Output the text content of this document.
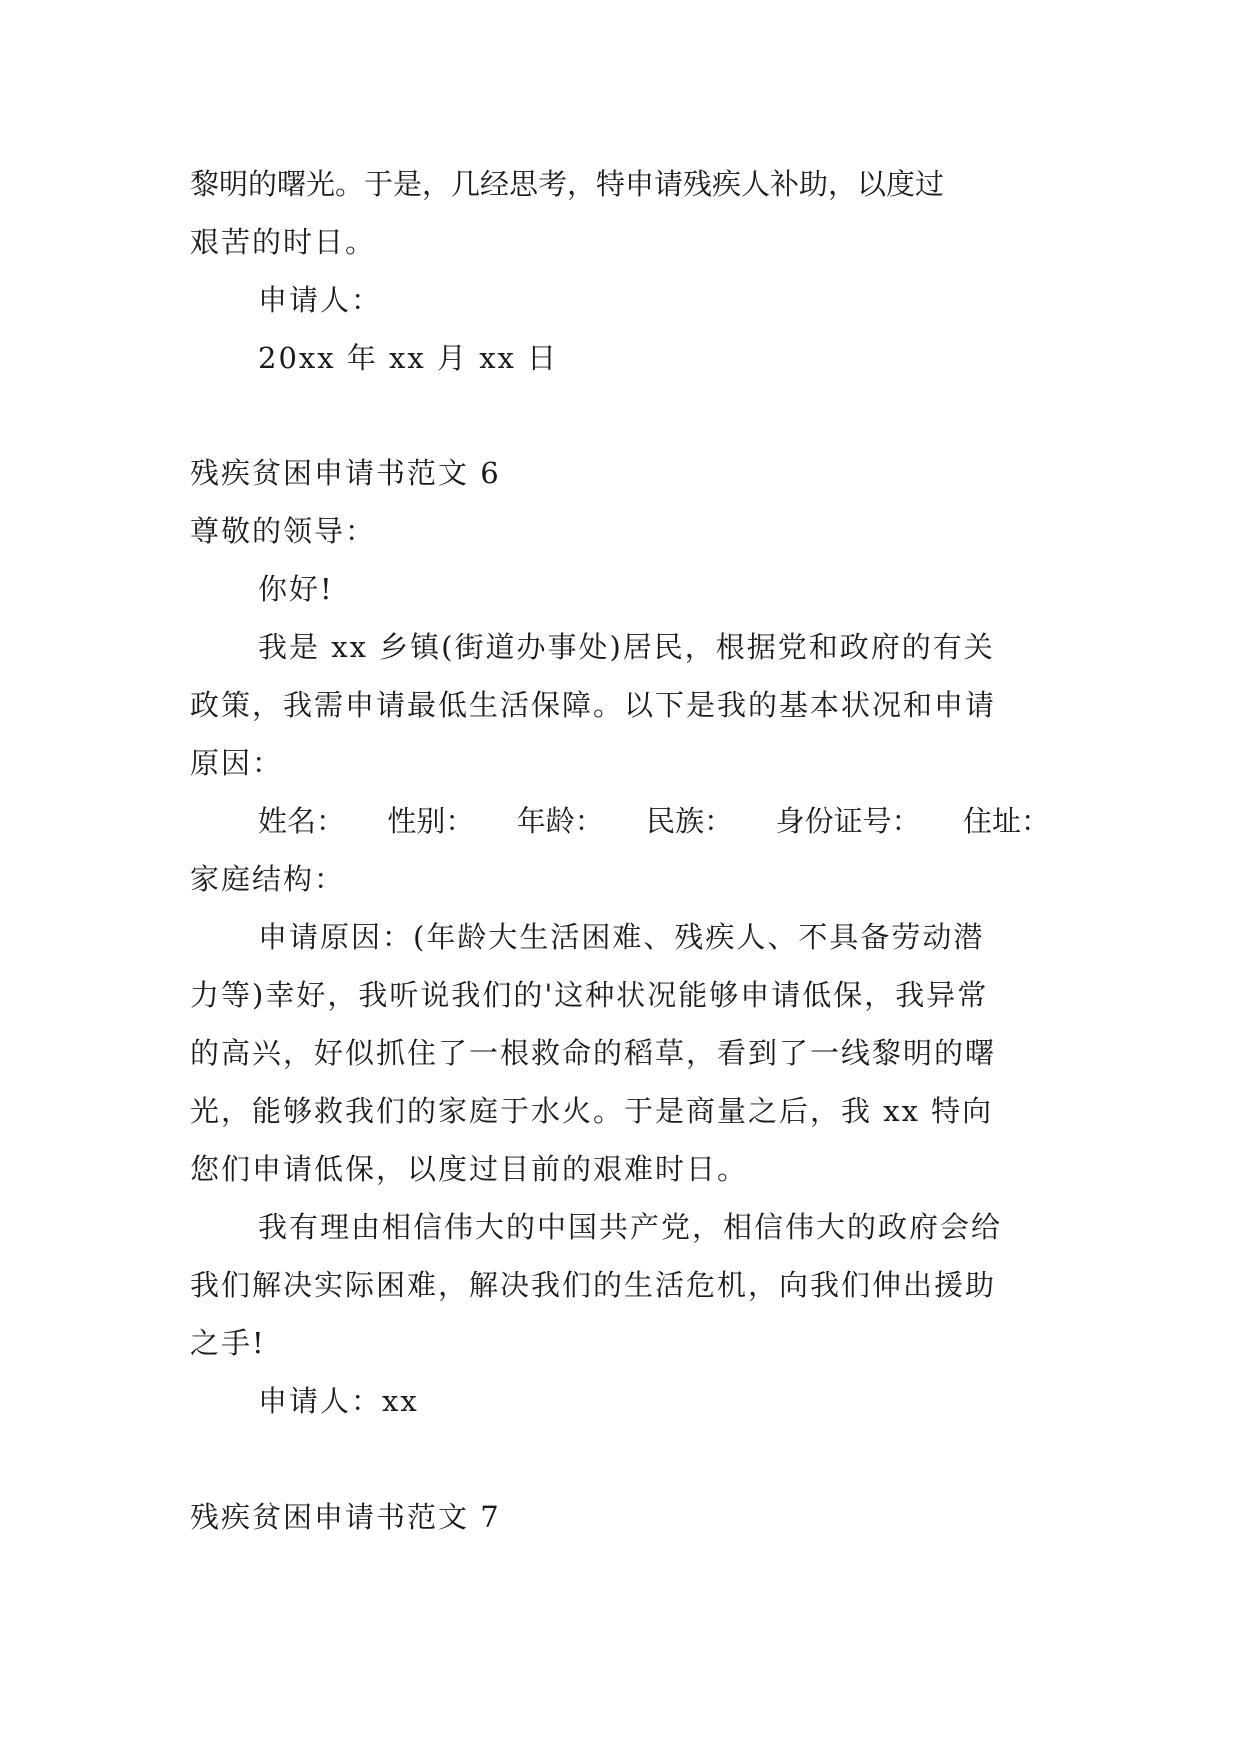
黎明的曙光。于是，几经思考，特申请残疾人补助，以度过
艰苦的时日。
申请人：
20xx 年 xx 月 xx 日
残疾贫困申请书范文 6
尊敬的领导：
你好!
我是 xx 乡镇(街道办事处)居民，根据党和政府的有关
政策，我需申请最低生活保障。以下是我的基本状况和申请
原因：
姓名： 性别： 年龄： 民族： 身份证号： 住址：
家庭结构：
申请原因：(年龄大生活困难、残疾人、不具备劳动潜
力等)幸好，我听说我们的'这种状况能够申请低保，我异常
的高兴，好似抓住了一根救命的稻草，看到了一线黎明的曙
光，能够救我们的家庭于水火。于是商量之后，我 xx 特向
您们申请低保，以度过目前的艰难时日。
我有理由相信伟大的中国共产党，相信伟大的政府会给
我们解决实际困难，解决我们的生活危机，向我们伸出援助
之手!
申请人：xx
残疾贫困申请书范文 7
